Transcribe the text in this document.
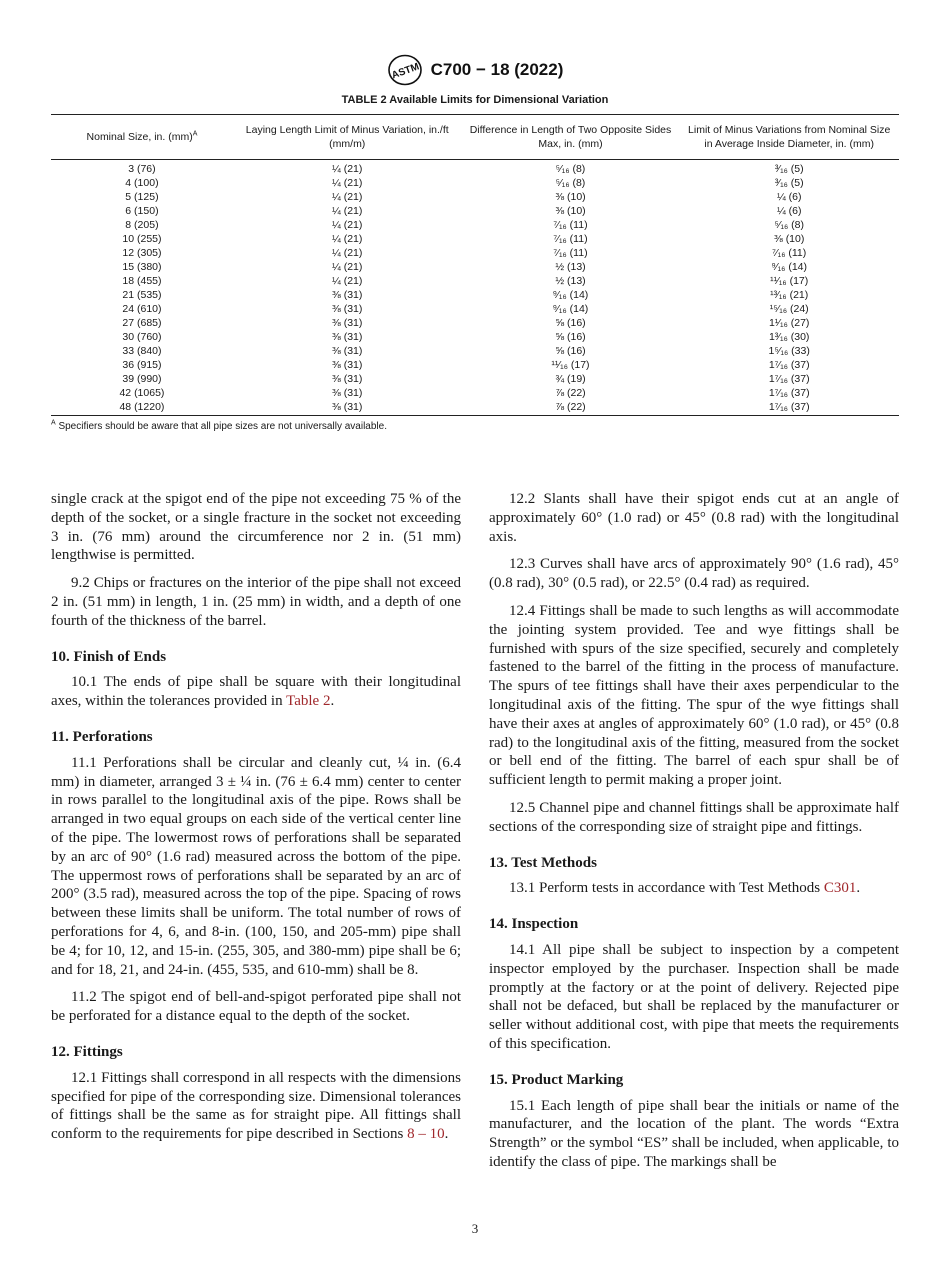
ASTM C700 − 18 (2022)
TABLE 2 Available Limits for Dimensional Variation
Nominal Size, in. (mm)$^A$	Laying Length Limit of Minus Variation, in./ft (mm/m)	Difference in Length of Two Opposite Sides Max, in. (mm)	Limit of Minus Variations from Nominal Size in Average Inside Diameter, in. (mm)
3 (76)	¼ (21)	⁵⁄₁₆ (8)	³⁄₁₆ (5)
4 (100)	¼ (21)	⁵⁄₁₆ (8)	³⁄₁₆ (5)
5 (125)	¼ (21)	⅜ (10)	¼ (6)
6 (150)	¼ (21)	⅜ (10)	¼ (6)
8 (205)	¼ (21)	⁷⁄₁₆ (11)	⁵⁄₁₆ (8)
10 (255)	¼ (21)	⁷⁄₁₆ (11)	⅜ (10)
12 (305)	¼ (21)	⁷⁄₁₆ (11)	⁷⁄₁₆ (11)
15 (380)	¼ (21)	½ (13)	⁹⁄₁₆ (14)
18 (455)	¼ (21)	½ (13)	¹¹⁄₁₆ (17)
21 (535)	⅜ (31)	⁹⁄₁₆ (14)	¹³⁄₁₆ (21)
24 (610)	⅜ (31)	⁹⁄₁₆ (14)	¹⁵⁄₁₆ (24)
27 (685)	⅜ (31)	⅝ (16)	1¹⁄₁₆ (27)
30 (760)	⅜ (31)	⅝ (16)	1³⁄₁₆ (30)
33 (840)	⅜ (31)	⅝ (16)	1⁵⁄₁₆ (33)
36 (915)	⅜ (31)	¹¹⁄₁₆ (17)	1⁷⁄₁₆ (37)
39 (990)	⅜ (31)	¾ (19)	1⁷⁄₁₆ (37)
42 (1065)	⅜ (31)	⅞ (22)	1⁷⁄₁₆ (37)
48 (1220)	⅜ (31)	⅞ (22)	1⁷⁄₁₆ (37)
$^A$ Specifiers should be aware that all pipe sizes are not universally available.

single crack at the spigot end of the pipe not exceeding 75 % of the depth of the socket, or a single fracture in the socket not exceeding 3 in. (76 mm) around the circumference nor 2 in. (51 mm) lengthwise is permitted.

9.2 Chips or fractures on the interior of the pipe shall not exceed 2 in. (51 mm) in length, 1 in. (25 mm) in width, and a depth of one fourth of the thickness of the barrel.

10. Finish of Ends

10.1 The ends of pipe shall be square with their longitudinal axes, within the tolerances provided in Table 2.

11. Perforations

11.1 Perforations shall be circular and cleanly cut, ¼ in. (6.4 mm) in diameter, arranged 3 ± ¼ in. (76 ± 6.4 mm) center to center in rows parallel to the longitudinal axis of the pipe. Rows shall be arranged in two equal groups on each side of the vertical center line of the pipe. The lowermost rows of perforations shall be separated by an arc of 90° (1.6 rad) measured across the bottom of the pipe. The uppermost rows of perforations shall be separated by an arc of 200° (3.5 rad), measured across the top of the pipe. Spacing of rows between these limits shall be uniform. The total number of rows of perforations for 4, 6, and 8-in. (100, 150, and 205-mm) pipe shall be 4; for 10, 12, and 15-in. (255, 305, and 380-mm) pipe shall be 6; and for 18, 21, and 24-in. (455, 535, and 610-mm) shall be 8.

11.2 The spigot end of bell-and-spigot perforated pipe shall not be perforated for a distance equal to the depth of the socket.

12. Fittings

12.1 Fittings shall correspond in all respects with the dimensions specified for pipe of the corresponding size. Dimensional tolerances of fittings shall be the same as for straight pipe. All fittings shall conform to the requirements for pipe described in Sections 8 – 10.

12.2 Slants shall have their spigot ends cut at an angle of approximately 60° (1.0 rad) or 45° (0.8 rad) with the longitudinal axis.

12.3 Curves shall have arcs of approximately 90° (1.6 rad), 45° (0.8 rad), 30° (0.5 rad), or 22.5° (0.4 rad) as required.

12.4 Fittings shall be made to such lengths as will accommodate the jointing system provided. Tee and wye fittings shall be furnished with spurs of the size specified, securely and completely fastened to the barrel of the fitting in the process of manufacture. The spurs of tee fittings shall have their axes perpendicular to the longitudinal axis of the fitting. The spur of the wye fittings shall have their axes at angles of approximately 60° (1.0 rad), or 45° (0.8 rad) to the longitudinal axis of the fitting, measured from the socket or bell end of the fitting. The barrel of each spur shall be of sufficient length to permit making a proper joint.

12.5 Channel pipe and channel fittings shall be approximate half sections of the corresponding size of straight pipe and fittings.

13. Test Methods

13.1 Perform tests in accordance with Test Methods C301.

14. Inspection

14.1 All pipe shall be subject to inspection by a competent inspector employed by the purchaser. Inspection shall be made promptly at the factory or at the point of delivery. Rejected pipe shall not be defaced, but shall be replaced by the manufacturer or seller without additional cost, with pipe that meets the requirements of this specification.

15. Product Marking

15.1 Each length of pipe shall bear the initials or name of the manufacturer, and the location of the plant. The words “Extra Strength” or the symbol “ES” shall be included, when applicable, to identify the class of pipe. The markings shall be

3
